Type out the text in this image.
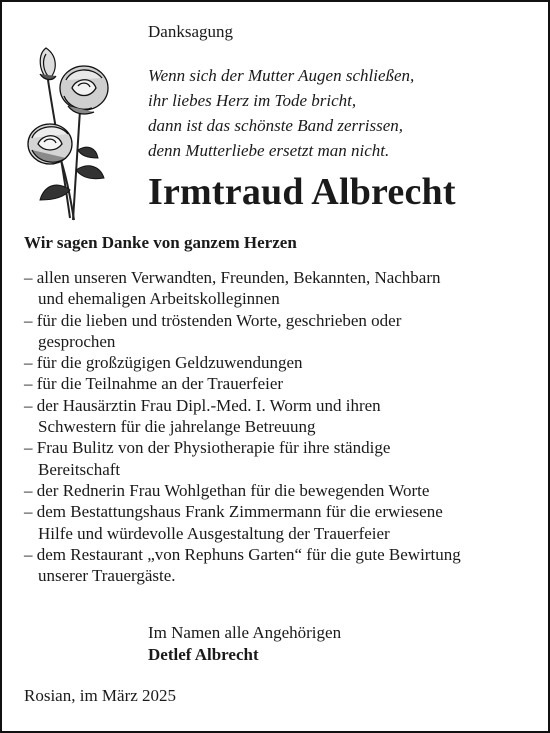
Danksagung
Wenn sich der Mutter Augen schließen,
ihr liebes Herz im Tode bricht,
dann ist das schönste Band zerrissen,
denn Mutterliebe ersetzt man nicht.
Irmtraud Albrecht
Wir sagen Danke von ganzem Herzen
– allen unseren Verwandten, Freunden, Bekannten, Nachbarn
und ehemaligen Arbeitskolleginnen
– für die lieben und tröstenden Worte, geschrieben oder
gesprochen
– für die großzügigen Geldzuwendungen
– für die Teilnahme an der Trauerfeier
– der Hausärztin Frau Dipl.-Med. I. Worm und ihren
Schwestern für die jahrelange Betreuung
– Frau Bulitz von der Physiotherapie für ihre ständige
Bereitschaft
– der Rednerin Frau Wohlgethan für die bewegenden Worte
– dem Bestattungshaus Frank Zimmermann für die erwiesene
Hilfe und würdevolle Ausgestaltung der Trauerfeier
– dem Restaurant „von Rephuns Garten“ für die gute Bewirtung
unserer Trauergäste.
Im Namen alle Angehörigen
Detlef Albrecht
Rosian, im März 2025
